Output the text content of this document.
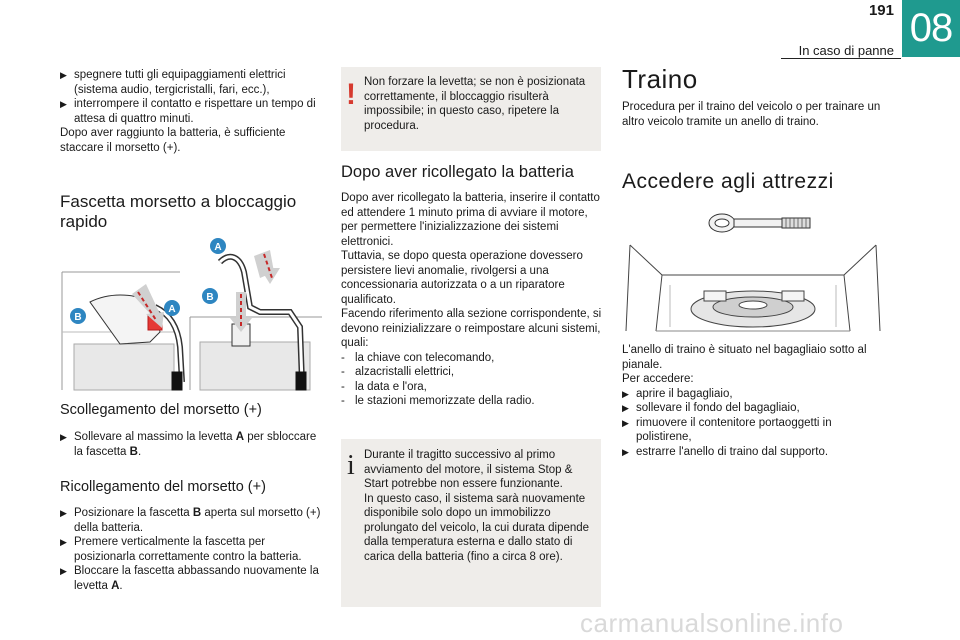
191
In caso di panne
08
▶ spegnere tutti gli equipaggiamenti elettrici (sistema audio, tergicristalli, fari, ecc.),
▶ interrompere il contatto e rispettare un tempo di attesa di quattro minuti.

Dopo aver raggiunto la batteria, è sufficiente staccare il morsetto (+).

Fascetta morsetto a bloccaggio rapido
B
A
A
B
Scollegamento del morsetto (+)
▶ Sollevare al massimo la levetta A per sbloccare la fascetta B.
Ricollegamento del morsetto (+)
▶ Posizionare la fascetta B aperta sul morsetto (+) della batteria.
▶ Premere verticalmente la fascetta per posizionarla correttamente contro la batteria.
▶ Bloccare la fascetta abbassando nuovamente la levetta A.
! Non forzare la levetta; se non è posizionata correttamente, il bloccaggio risulterà impossibile; in questo caso, ripetere la procedura.
Dopo aver ricollegato la batteria

Dopo aver ricollegato la batteria, inserire il contatto ed attendere 1 minuto prima di avviare il motore, per permettere l'inizializzazione dei sistemi elettronici.

Tuttavia, se dopo questa operazione dovessero persistere lievi anomalie, rivolgersi a una concessionaria autorizzata o a un riparatore qualificato.

Facendo riferimento alla sezione corrispondente, si devono reinizializzare o reimpostare alcuni sistemi, quali:

- la chiave con telecomando,
- alzacristalli elettrici,
- la data e l'ora,
- le stazioni memorizzate della radio.
i Durante il tragitto successivo al primo avviamento del motore, il sistema Stop & Start potrebbe non essere funzionante.

In questo caso, il sistema sarà nuovamente disponibile solo dopo un immobilizzo prolungato del veicolo, la cui durata dipende dalla temperatura esterna e dallo stato di carica della batteria (fino a circa 8 ore).

Traino
Procedura per il traino del veicolo o per trainare un altro veicolo tramite un anello di traino.
Accedere agli attrezzi

L'anello di traino è situato nel bagagliaio sotto al pianale.

Per accedere:

▶ aprire il bagagliaio,
▶ sollevare il fondo del bagagliaio,
▶ rimuovere il contenitore portaoggetti in polistirene,
▶ estrarre l'anello di traino dal supporto.
carmanualsonline.info
